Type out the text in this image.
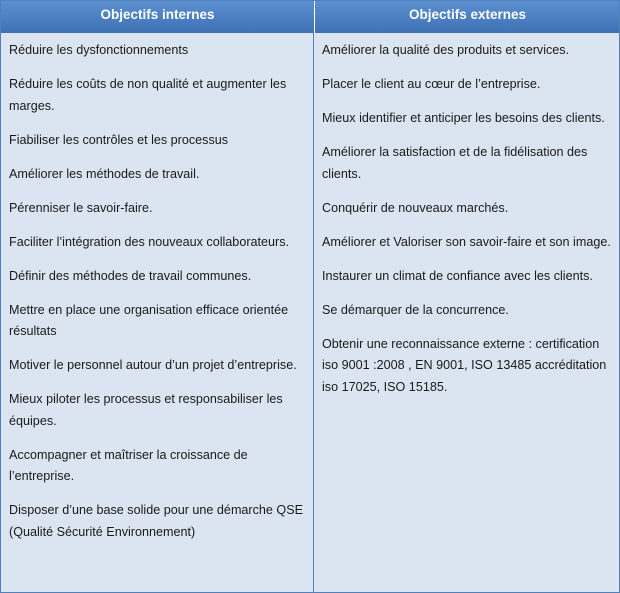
Objectifs internes	Objectifs externes

Réduire les dysfonctionnements

Réduire les coûts de non qualité et augmenter les marges.

Fiabiliser les contrôles et les processus

Améliorer les méthodes de travail.

Pérenniser le savoir-faire.

Faciliter l’intégration des nouveaux collaborateurs.

Définir des méthodes de travail communes.

Mettre en place une organisation efficace orientée résultats

Motiver le personnel autour d’un projet d’entreprise.

Mieux piloter les processus et responsabiliser les équipes.

Accompagner et maîtriser la croissance de l’entreprise.

Disposer d’une base solide pour une démarche QSE (Qualité Sécurité Environnement)

Améliorer la qualité des produits et services.

Placer le client au cœur de l’entreprise.

Mieux identifier et anticiper les besoins des clients.

Améliorer la satisfaction et de la fidélisation des clients.

Conquérir de nouveaux marchés.

Améliorer et Valoriser son savoir-faire et son image.

Instaurer un climat de confiance avec les clients.

Se démarquer de la concurrence.

Obtenir une reconnaissance externe : certification iso 9001 :2008 , EN 9001, ISO 13485 accréditation iso 17025, ISO 15185.
